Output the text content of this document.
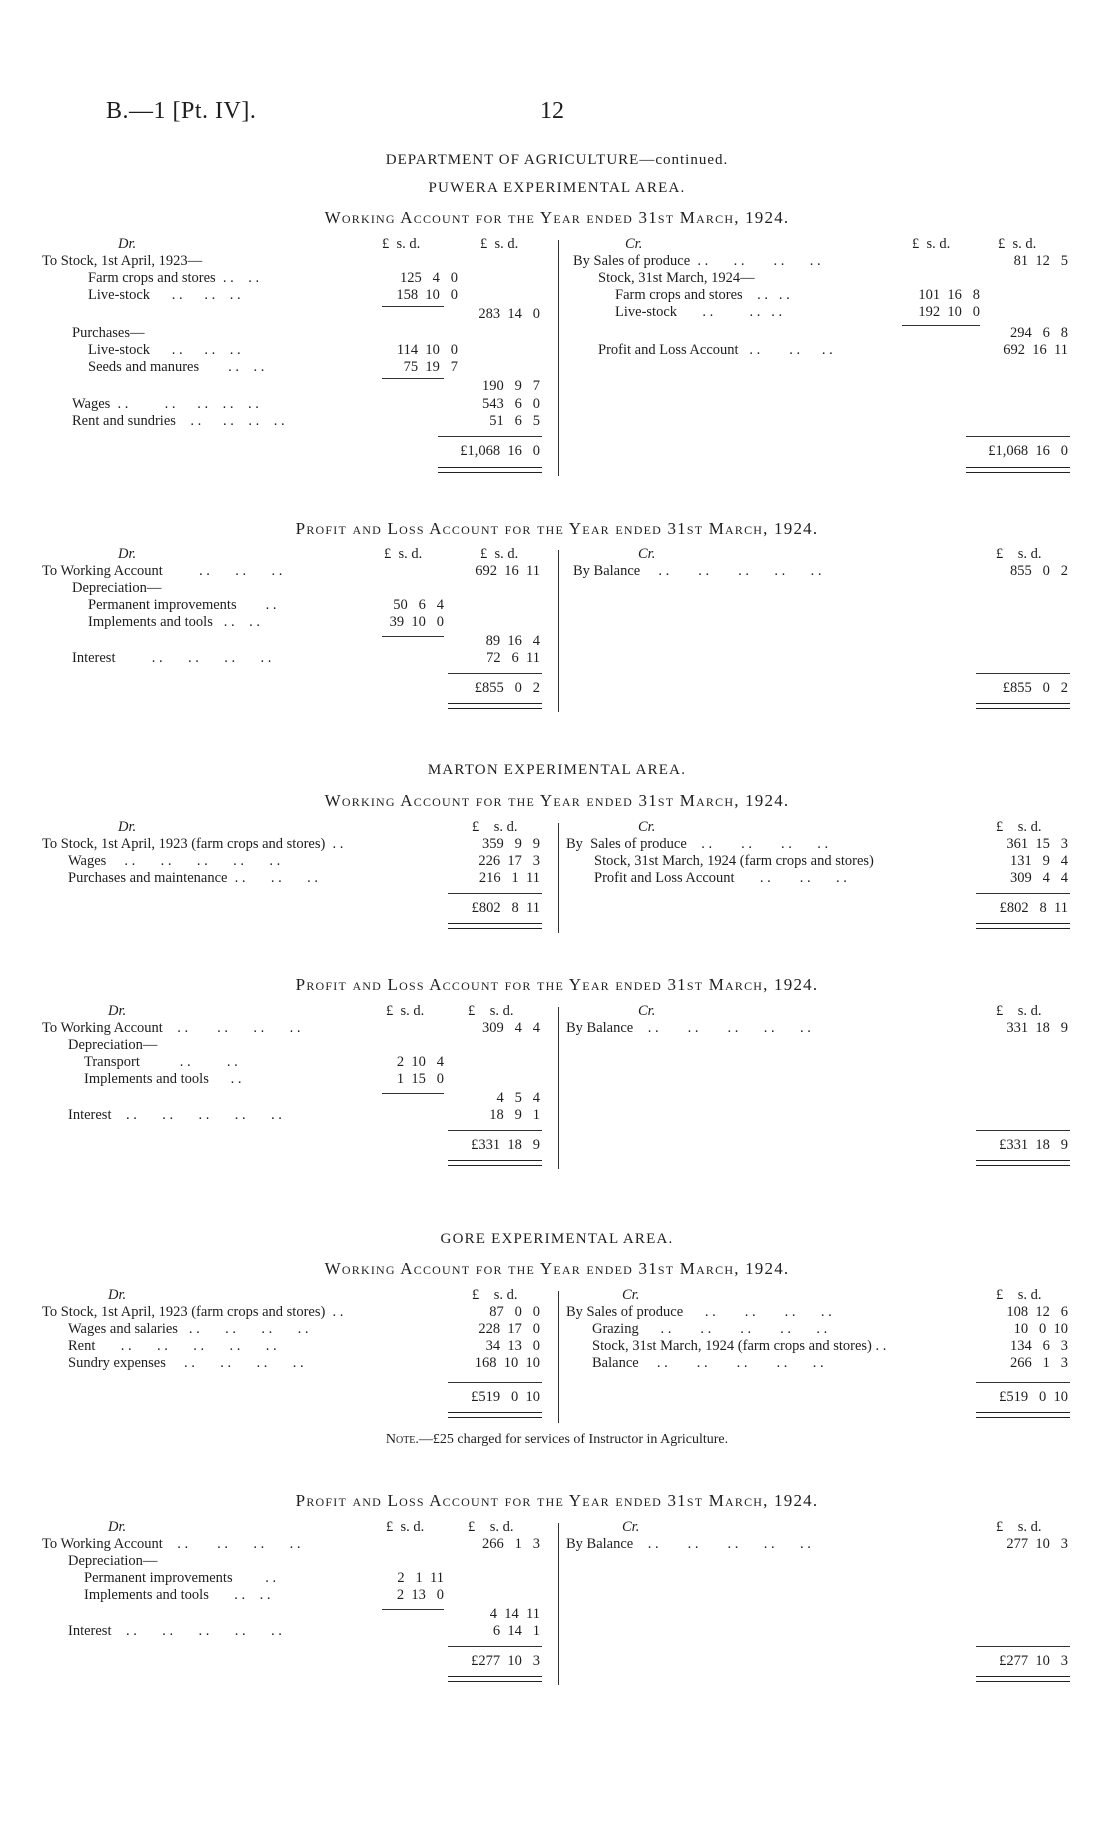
B.—1 [Pt. IV].	12
DEPARTMENT OF AGRICULTURE—continued.
PUWERA EXPERIMENTAL AREA.
Working Account for the Year ended 31st March, 1924.
Dr.	£  s. d.	£  s. d.	Cr.	£  s. d.	£  s. d.
To Stock, 1st April, 1923—
Farm crops and stores  . .    . .	125   4   0
Live-stock      . .      . .    . .	158  10   0
283  14   0
Purchases—
Live-stock      . .      . .    . .	114  10   0
Seeds and manures        . .    . .	75  19   7
190   9   7
Wages  . .          . .      . .    . .    . .	543   6   0
Rent and sundries    . .      . .    . .    . .	51   6   5
£1,068  16   0
By Sales of produce  . .       . .        . .       . .	81  12   5
Stock, 31st March, 1924—
Farm crops and stores    . .   . .	101  16   8
Live-stock       . .          . .   . .	192  10   0
294   6   8
Profit and Loss Account   . .        . .      . .	692  16  11
£1,068  16   0
Profit and Loss Account for the Year ended 31st March, 1924.
Dr.	£  s. d.	£  s. d.	Cr.	£    s. d.
To Working Account          . .       . .       . .	692  16  11
Depreciation—
Permanent improvements        . .	50   6   4
Implements and tools   . .    . .	39  10   0
89  16   4
Interest          . .       . .       . .       . .	72   6  11
£855   0   2
By Balance     . .        . .        . .       . .       . .	855   0   2
£855   0   2
MARTON EXPERIMENTAL AREA.
Working Account for the Year ended 31st March, 1924.
Dr.	£    s. d.	Cr.	£    s. d.
To Stock, 1st April, 1923 (farm crops and stores)  . .	359   9   9
Wages     . .       . .       . .       . .       . .	226  17   3
Purchases and maintenance  . .       . .       . .	216   1  11
£802   8  11
By  Sales of produce    . .        . .        . .       . .	361  15   3
Stock, 31st March, 1924 (farm crops and stores)	131   9   4
Profit and Loss Account       . .        . .       . .	309   4   4
£802   8  11
Profit and Loss Account for the Year ended 31st March, 1924.
Dr.	£  s. d.	£    s. d.	Cr.	£    s. d.
To Working Account    . .        . .       . .       . .	309   4   4
Depreciation—
Transport           . .          . .	2  10   4
Implements and tools      . .	1  15   0
4   5   4
Interest    . .       . .       . .       . .       . .	18   9   1
£331  18   9
By Balance    . .        . .        . .       . .       . .	331  18   9
£331  18   9
GORE EXPERIMENTAL AREA.
Working Account for the Year ended 31st March, 1924.
Dr.	£    s. d.	Cr.	£    s. d.
To Stock, 1st April, 1923 (farm crops and stores)  . .	87   0   0
Wages and salaries   . .       . .       . .       . .	228  17   0
Rent       . .       . .       . .       . .       . .	34  13   0
Sundry expenses     . .       . .       . .       . .	168  10  10
£519   0  10
By Sales of produce      . .        . .        . .       . .	108  12   6
Grazing      . .        . .        . .        . .       . .	10   0  10
Stock, 31st March, 1924 (farm crops and stores) . .	134   6   3
Balance     . .        . .        . .        . .       . .	266   1   3
£519   0  10
Note.—£25 charged for services of Instructor in Agriculture.
Profit and Loss Account for the Year ended 31st March, 1924.
Dr.	£  s. d.	£    s. d.	Cr.	£    s. d.
To Working Account    . .        . .       . .       . .	266   1   3
Depreciation—
Permanent improvements         . .	2   1  11
Implements and tools       . .    . .	2  13   0
4  14  11
Interest    . .       . .       . .       . .       . .	6  14   1
£277  10   3
By Balance    . .        . .        . .       . .       . .	277  10   3
£277  10   3
